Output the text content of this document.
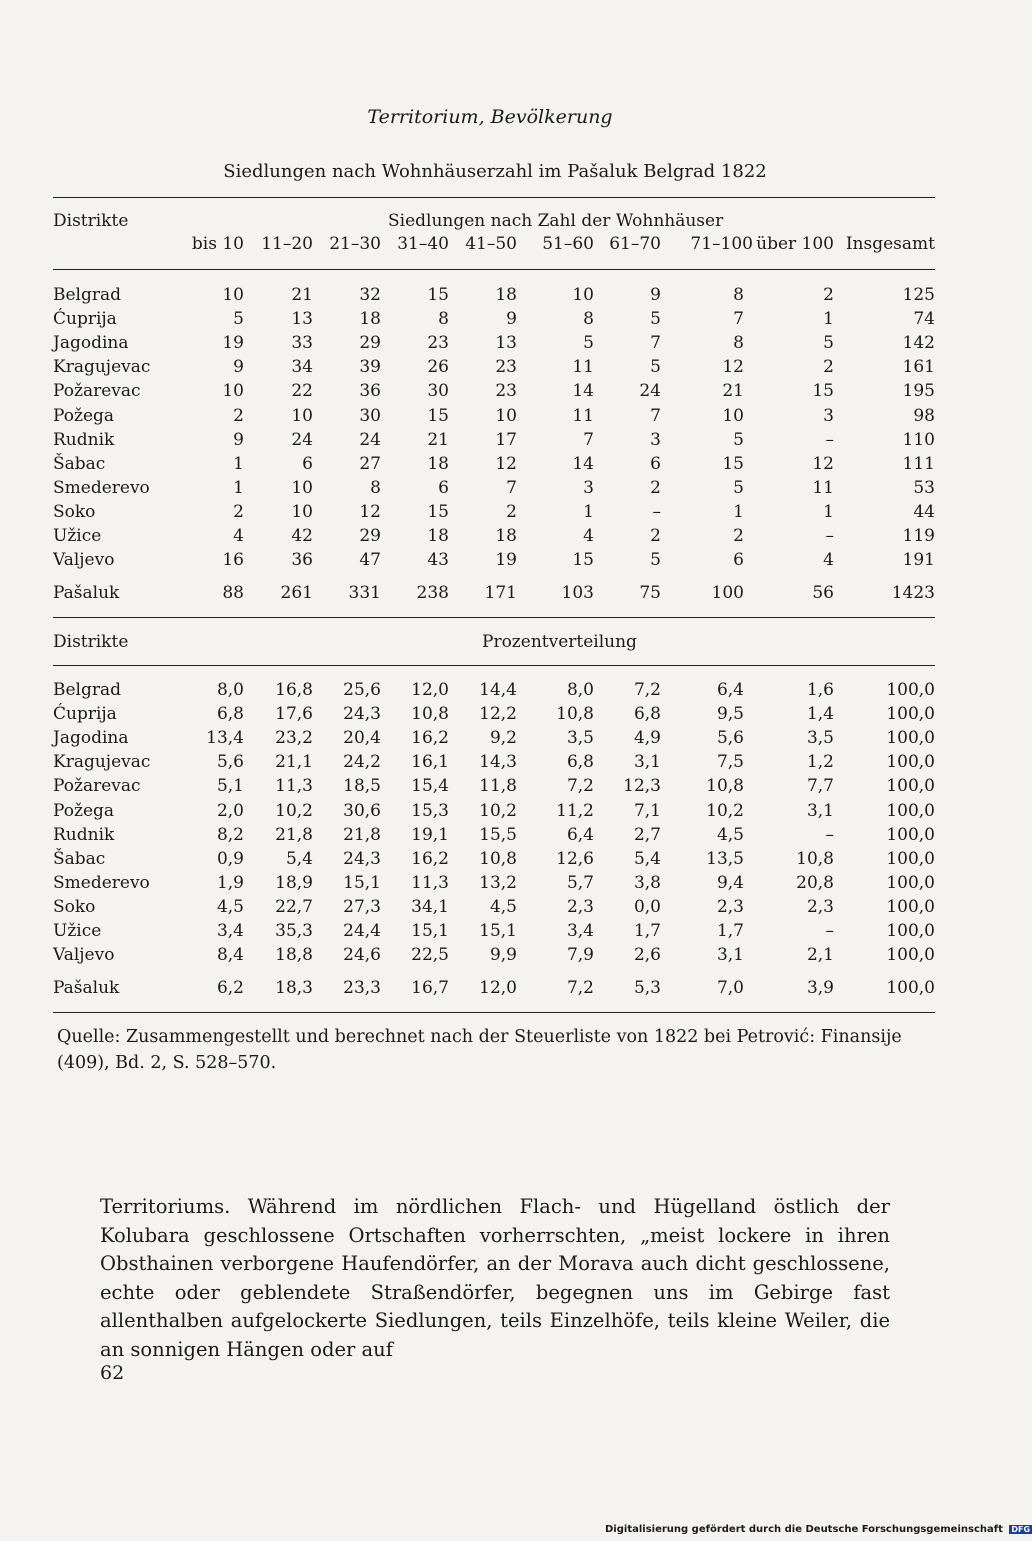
Territorium, Bevölkerung
Siedlungen nach Wohnhäuserzahl im Pašaluk Belgrad 1822
Distrikte	Siedlungen nach Zahl der Wohnhäuser
bis 10 11–20 21–30 31–40 41–50 51–60 61–70 71–100 über 100 Insgesamt
Belgrad	10	21	32	15	18	10	9	8	2	125
Ćuprija	5	13	18	8	9	8	5	7	1	74
Jagodina	19	33	29	23	13	5	7	8	5	142
Kragujevac	9	34	39	26	23	11	5	12	2	161
Požarevac	10	22	36	30	23	14	24	21	15	195
Požega	2	10	30	15	10	11	7	10	3	98
Rudnik	9	24	24	21	17	7	3	5	–	110
Šabac	1	6	27	18	12	14	6	15	12	111
Smederevo	1	10	8	6	7	3	2	5	11	53
Soko	2	10	12	15	2	1	–	1	1	44
Užice	4	42	29	18	18	4	2	2	–	119
Valjevo	16	36	47	43	19	15	5	6	4	191
Pašaluk	88 261 331 238 171	103	75	100	56	1423
Distrikte	Prozentverteilung
Belgrad	8,0 16,8 25,6 12,0 14,4	8,0 7,2	6,4	1,6	100,0
Ćuprija	6,8 17,6 24,3 10,8 12,2 10,8 6,8	9,5	1,4	100,0
Jagodina	13,4 23,2 20,4 16,2 9,2	3,5 4,9	5,6	3,5	100,0
Kragujevac	5,6 21,1 24,2 16,1 14,3	6,8 3,1	7,5	1,2	100,0
Požarevac	5,1 11,3 18,5 15,4 11,8	7,2 12,3	10,8	7,7	100,0
Požega	2,0 10,2 30,6 15,3 10,2 11,2 7,1	10,2	3,1	100,0
Rudnik	8,2 21,8 21,8 19,1 15,5	6,4 2,7	4,5	–	100,0
Šabac	0,9 5,4 24,3 16,2 10,8 12,6 5,4	13,5	10,8	100,0
Smederevo	1,9 18,9 15,1 11,3 13,2	5,7 3,8	9,4	20,8	100,0
Soko	4,5 22,7 27,3 34,1 4,5	2,3 0,0	2,3	2,3	100,0
Užice	3,4 35,3 24,4 15,1 15,1	3,4 1,7	1,7	–	100,0
Valjevo	8,4 18,8 24,6 22,5 9,9	7,9 2,6	3,1	2,1	100,0
Pašaluk	6,2 18,3 23,3 16,7 12,0	7,2 5,3	7,0	3,9	100,0
Quelle: Zusammengestellt und berechnet nach der Steuerliste von 1822 bei Petrović: Finansije (409), Bd. 2, S. 528–570.
Territoriums. Während im nördlichen Flach- und Hügelland östlich der Kolubara geschlossene Ortschaften vorherrschten, „meist lockere in ihren Obsthainen verborgene Haufendörfer, an der Morava auch dicht geschlossene, echte oder geblendete Straßendörfer, begegnen uns im Gebirge fast allenthalben aufgelockerte Siedlungen, teils Einzelhöfe, teils kleine Weiler, die an sonnigen Hängen oder auf
62
Digitalisierung gefördert durch die Deutsche Forschungsgemeinschaft DFG
